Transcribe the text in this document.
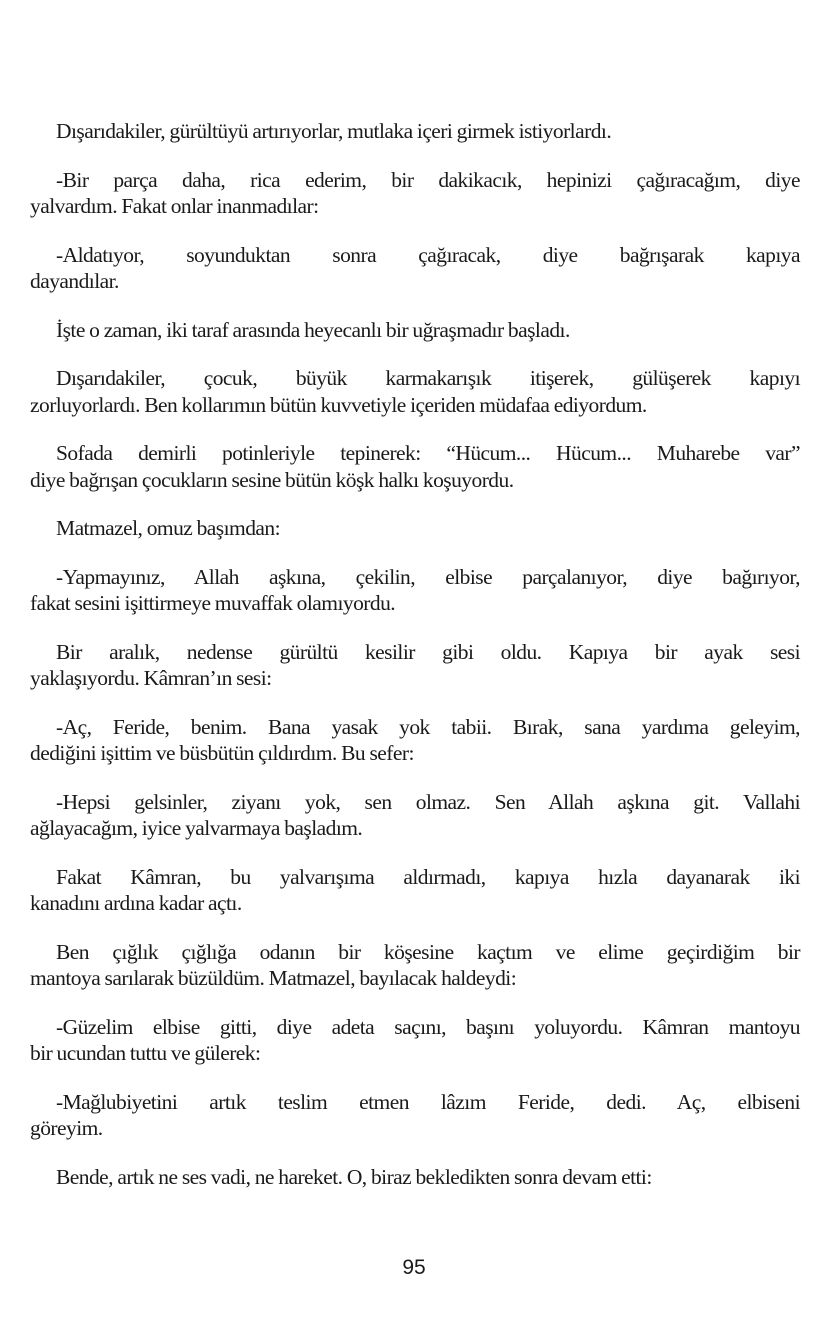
Dışarıdakiler, gürültüyü artırıyorlar, mutlaka içeri girmek istiyorlardı.

-Bir parça daha, rica ederim, bir dakikacık, hepinizi çağıracağım, diye
yalvardım. Fakat onlar inanmadılar:

-Aldatıyor, soyunduktan sonra çağıracak, diye bağrışarak kapıya
dayandılar.

İşte o zaman, iki taraf arasında heyecanlı bir uğraşmadır başladı.

Dışarıdakiler, çocuk, büyük karmakarışık itişerek, gülüşerek kapıyı
zorluyorlardı. Ben kollarımın bütün kuvvetiyle içeriden müdafaa ediyordum.

Sofada demirli potinleriyle tepinerek: “Hücum... Hücum... Muharebe var”
diye bağrışan çocukların sesine bütün köşk halkı koşuyordu.

Matmazel, omuz başımdan:

-Yapmayınız, Allah aşkına, çekilin, elbise parçalanıyor, diye bağırıyor,
fakat sesini işittirmeye muvaffak olamıyordu.

Bir aralık, nedense gürültü kesilir gibi oldu. Kapıya bir ayak sesi
yaklaşıyordu. Kâmran’ın sesi:

-Aç, Feride, benim. Bana yasak yok tabii. Bırak, sana yardıma geleyim,
dediğini işittim ve büsbütün çıldırdım. Bu sefer:

-Hepsi gelsinler, ziyanı yok, sen olmaz. Sen Allah aşkına git. Vallahi
ağlayacağım, iyice yalvarmaya başladım.

Fakat Kâmran, bu yalvarışıma aldırmadı, kapıya hızla dayanarak iki
kanadını ardına kadar açtı.

Ben çığlık çığlığa odanın bir köşesine kaçtım ve elime geçirdiğim bir
mantoya sarılarak büzüldüm. Matmazel, bayılacak haldeydi:

-Güzelim elbise gitti, diye adeta saçını, başını yoluyordu. Kâmran mantoyu
bir ucundan tuttu ve gülerek:

-Mağlubiyetini artık teslim etmen lâzım Feride, dedi. Aç, elbiseni
göreyim.

Bende, artık ne ses vadi, ne hareket. O, biraz bekledikten sonra devam etti:

95
